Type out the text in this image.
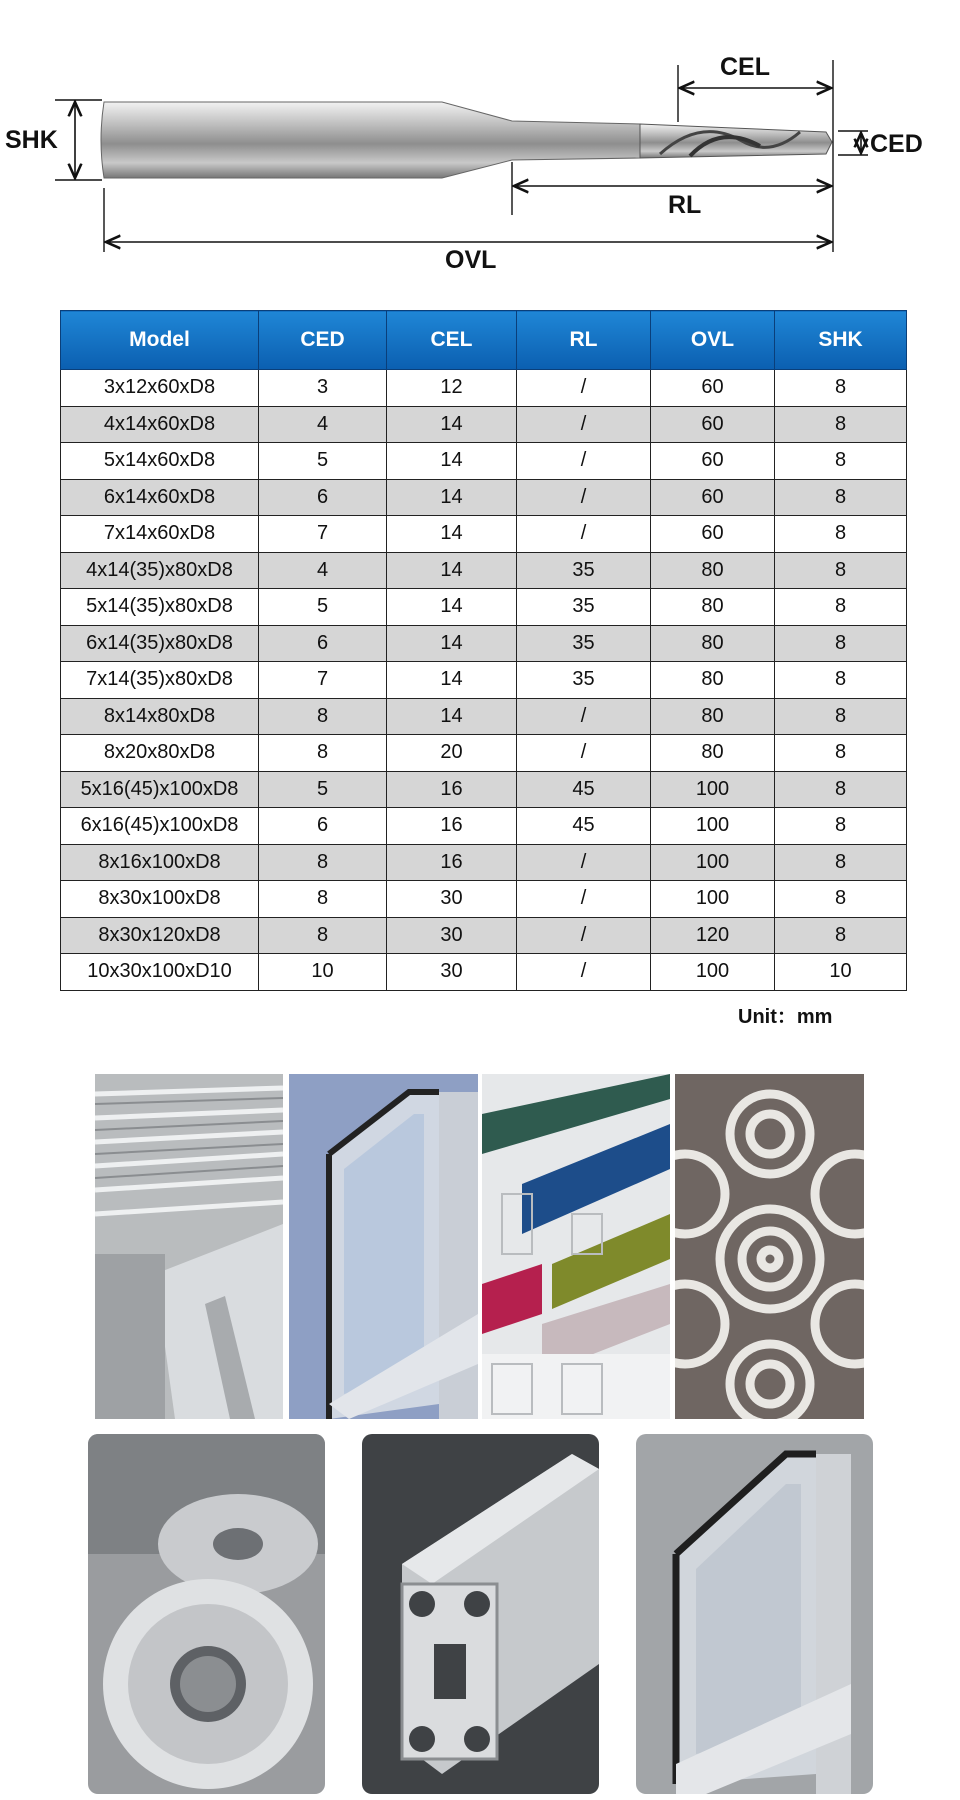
SHK
CEL
CED
RL
OVL
Model	CED	CEL	RL	OVL	SHK
3x12x60xD8	3	12	/	60	8
4x14x60xD8	4	14	/	60	8
5x14x60xD8	5	14	/	60	8
6x14x60xD8	6	14	/	60	8
7x14x60xD8	7	14	/	60	8
4x14(35)x80xD8	4	14	35	80	8
5x14(35)x80xD8	5	14	35	80	8
6x14(35)x80xD8	6	14	35	80	8
7x14(35)x80xD8	7	14	35	80	8
8x14x80xD8	8	14	/	80	8
8x20x80xD8	8	20	/	80	8
5x16(45)x100xD8	5	16	45	100	8
6x16(45)x100xD8	6	16	45	100	8
8x16x100xD8	8	16	/	100	8
8x30x100xD8	8	30	/	100	8
8x30x120xD8	8	30	/	120	8
10x30x100xD10	10	30	/	100	10
Unit：mm
